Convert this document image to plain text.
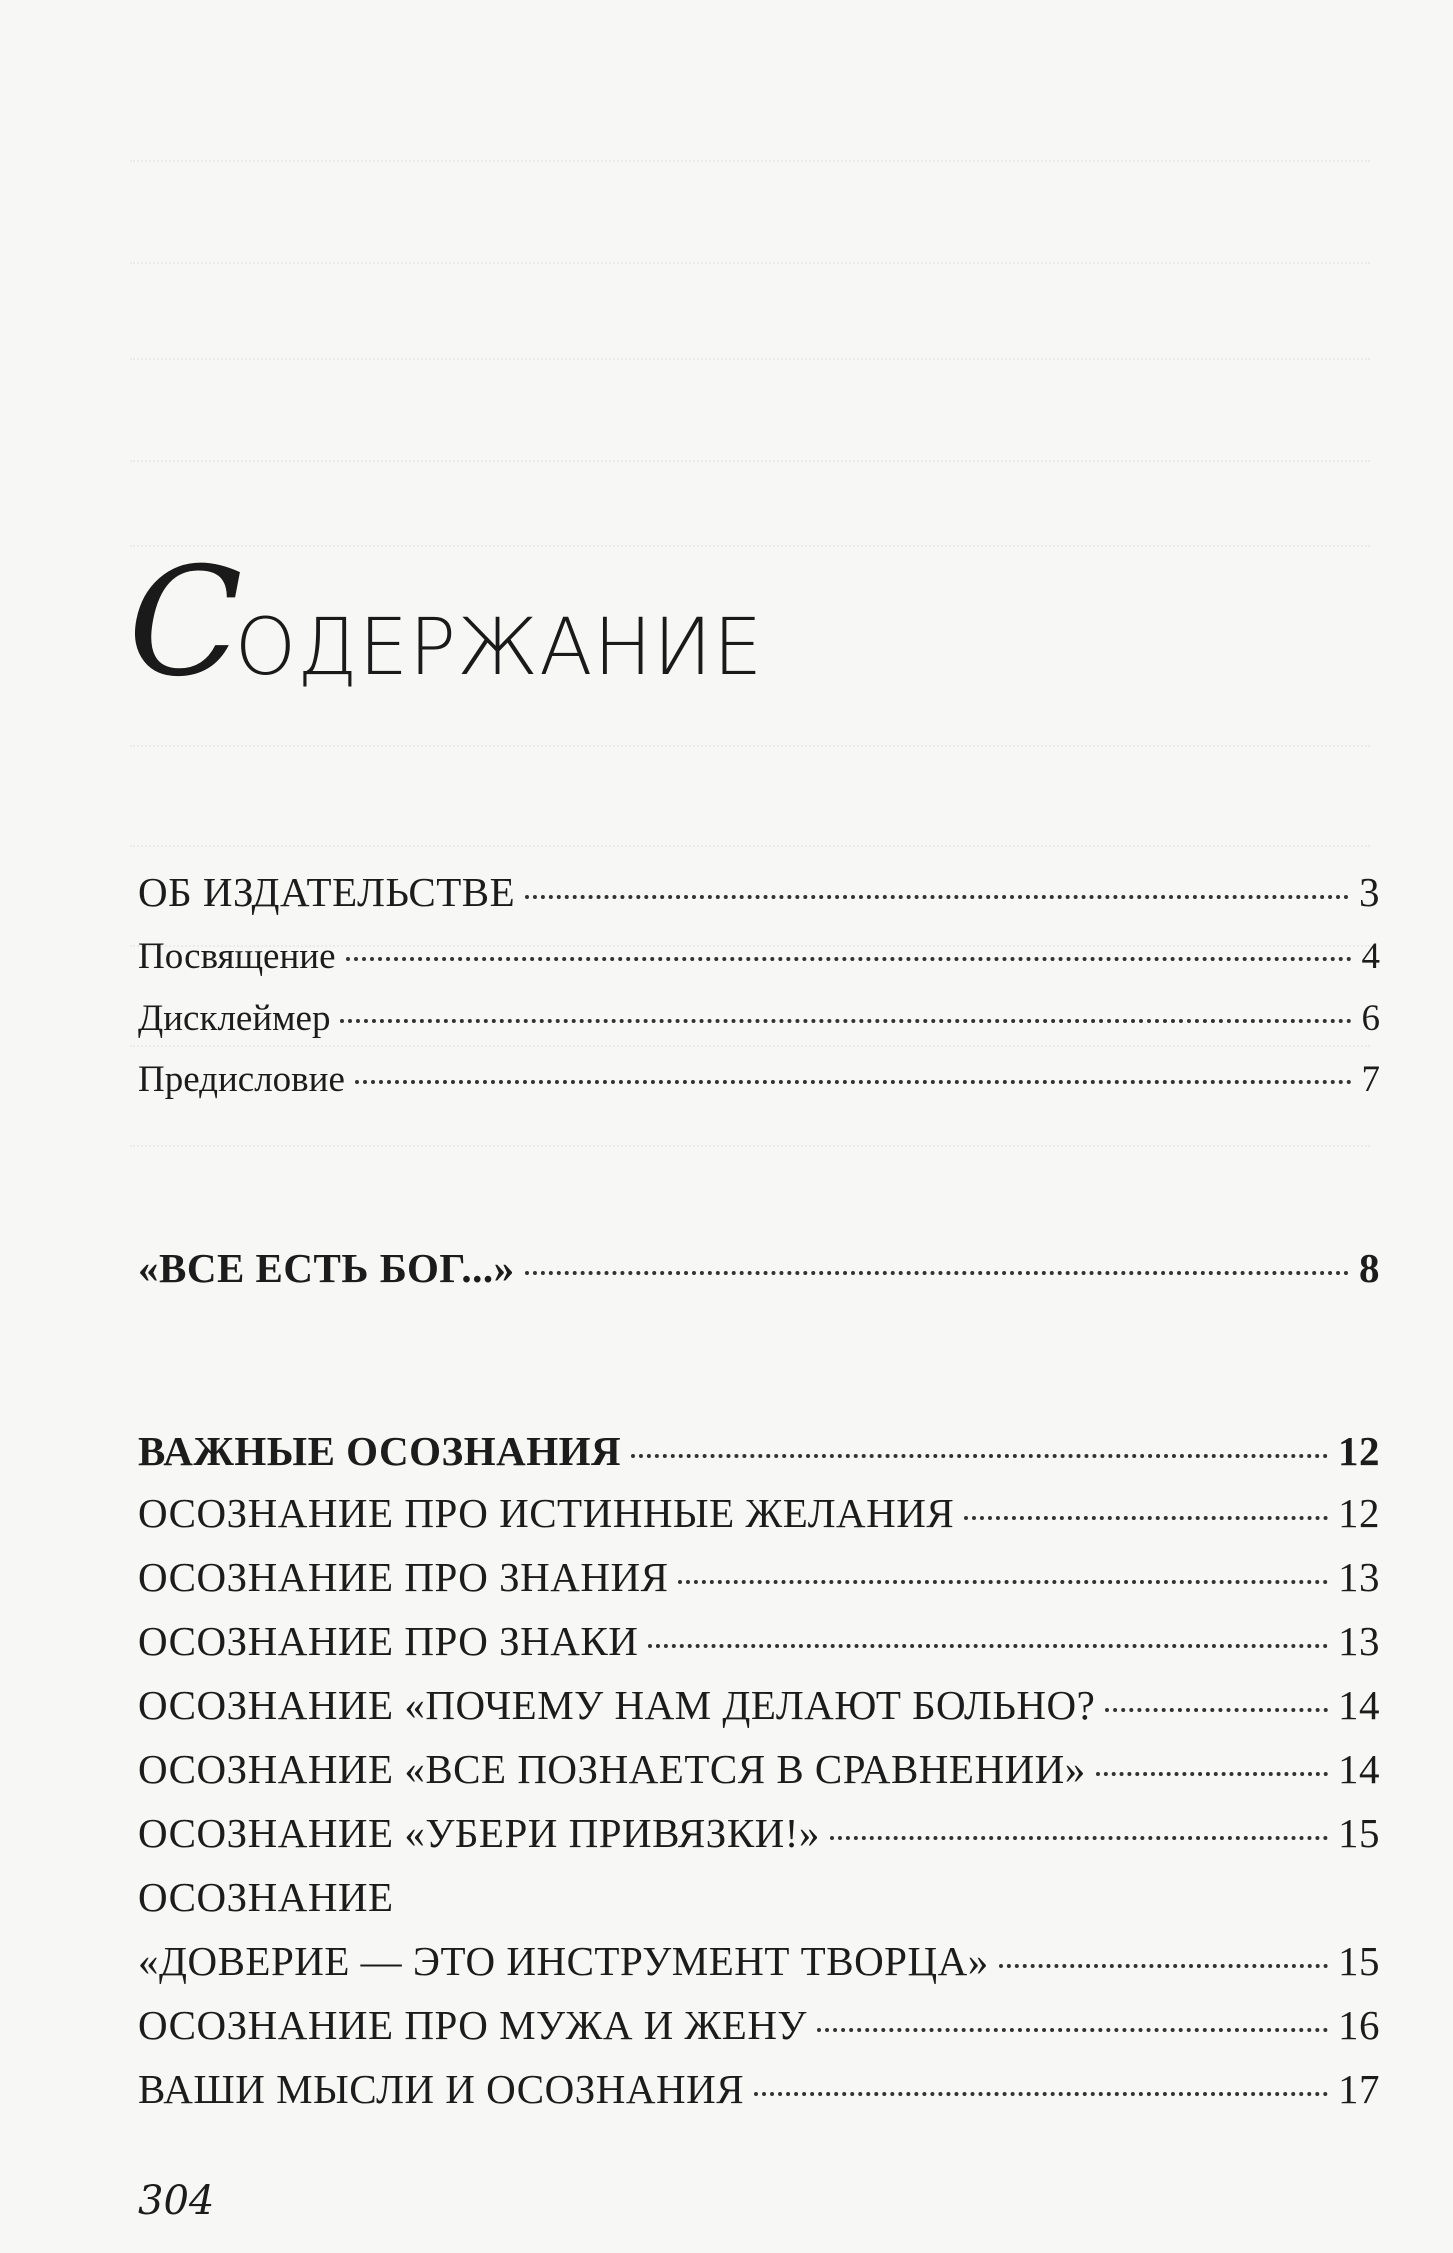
СОДЕРЖАНИЕ
ОБ ИЗДАТЕЛЬСТВЕ	3
Посвящение	4
Дисклеймер	6
Предисловие	7
«ВСЕ ЕСТЬ БОГ...»	8
ВАЖНЫЕ ОСОЗНАНИЯ	12
ОСОЗНАНИЕ ПРО ИСТИННЫЕ ЖЕЛАНИЯ	12
ОСОЗНАНИЕ ПРО ЗНАНИЯ	13
ОСОЗНАНИЕ ПРО ЗНАКИ	13
ОСОЗНАНИЕ «ПОЧЕМУ НАМ ДЕЛАЮТ БОЛЬНО?	14
ОСОЗНАНИЕ «ВСЕ ПОЗНАЕТСЯ В СРАВНЕНИИ»	14
ОСОЗНАНИЕ «УБЕРИ ПРИВЯЗКИ!»	15
ОСОЗНАНИЕ
«ДОВЕРИЕ — ЭТО ИНСТРУМЕНТ ТВОРЦА»	15
ОСОЗНАНИЕ ПРО МУЖА И ЖЕНУ	16
ВАШИ МЫСЛИ И ОСОЗНАНИЯ	17
304
